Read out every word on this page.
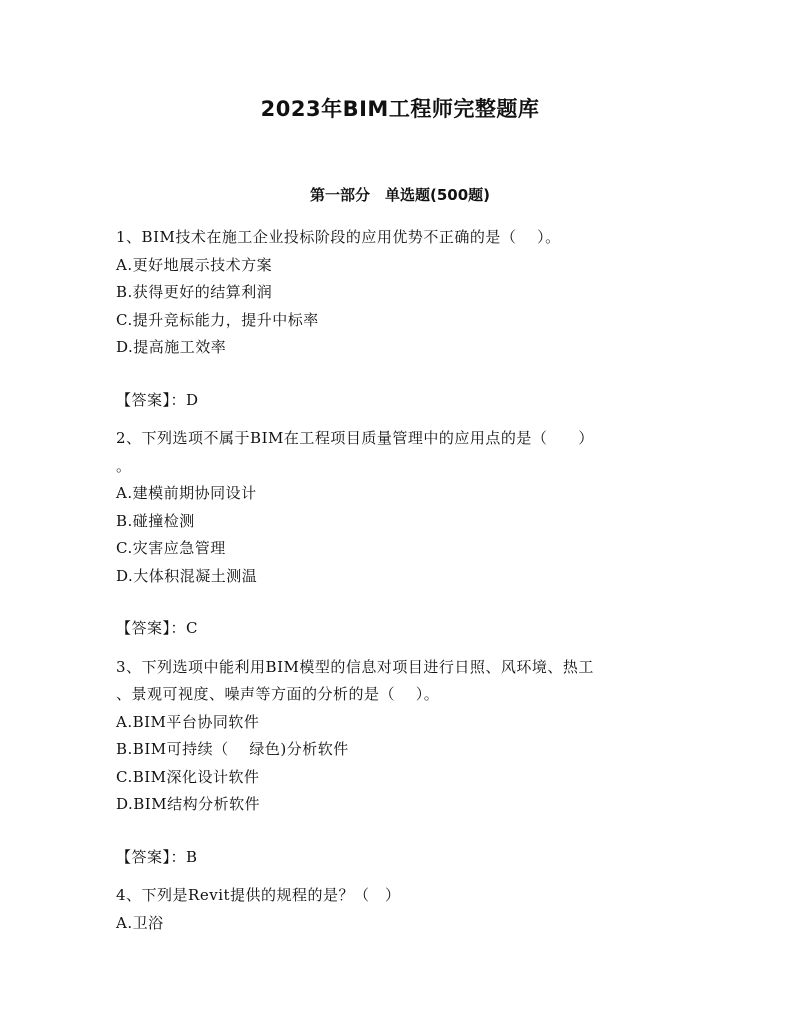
2023年BIM工程师完整题库
第一部分　单选题(500题)

1、BIM技术在施工企业投标阶段的应用优势不正确的是（　 ）。

A.更好地展示技术方案
B.获得更好的结算利润
C.提升竞标能力，提升中标率
D.提高施工效率

【答案】：D

2、下列选项不属于BIM在工程项目质量管理中的应用点的是（　　）

。

A.建模前期协同设计
B.碰撞检测
C.灾害应急管理
D.大体积混凝土测温

【答案】：C

3、下列选项中能利用BIM模型的信息对项目进行日照、风环境、热工

、景观可视度、噪声等方面的分析的是（　 ）。

A.BIM平台协同软件
B.BIM可持续（　 绿色)分析软件
C.BIM深化设计软件
D.BIM结构分析软件

【答案】：B

4、下列是Revit提供的规程的是？（　）

A.卫浴
